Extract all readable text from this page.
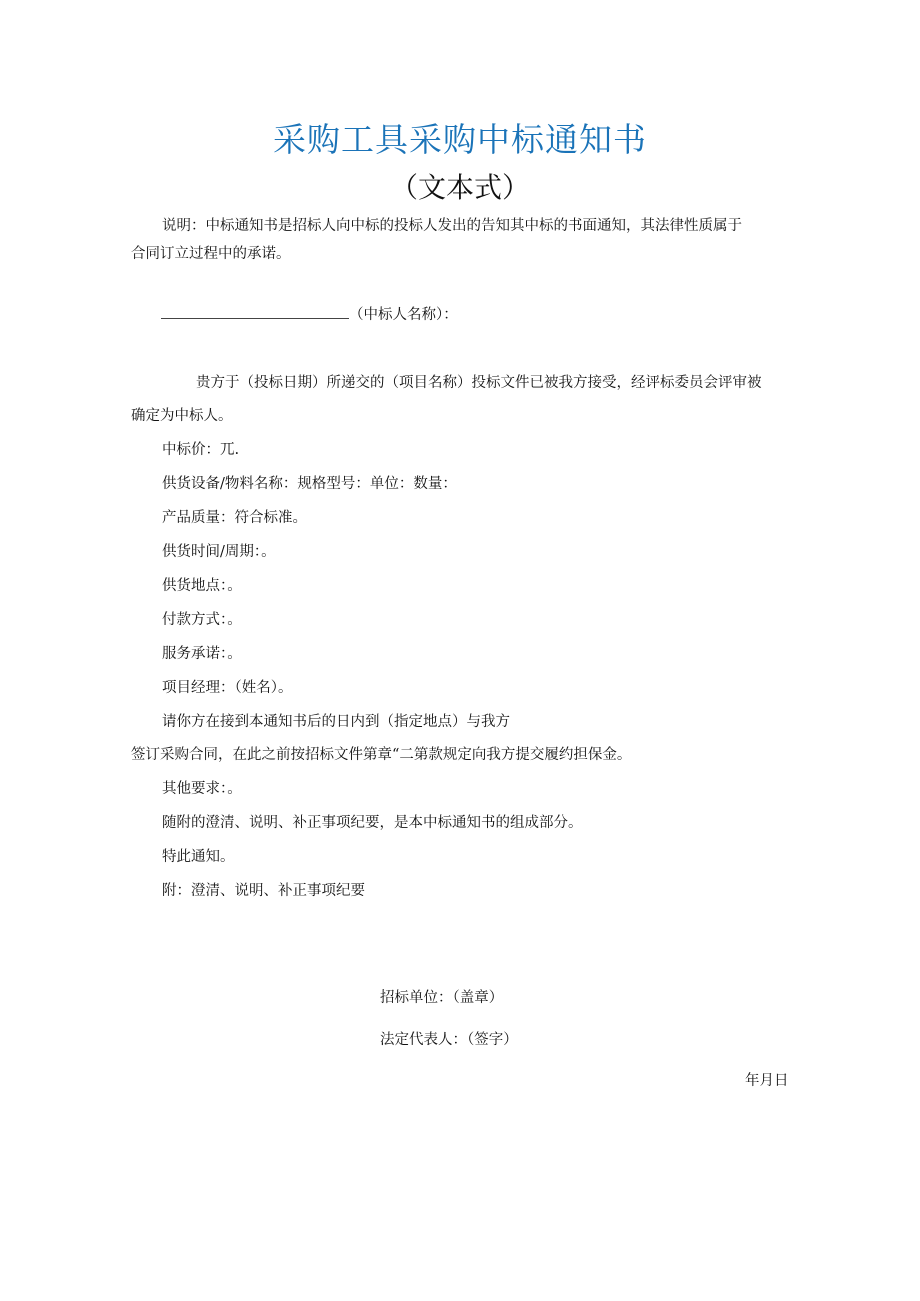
采购工具采购中标通知书
（文本式）
说明：中标通知书是招标人向中标的投标人发出的告知其中标的书面通知，其法律性质属于
合同订立过程中的承诺。
（中标人名称）：
贵方于（投标日期）所递交的（项目名称）投标文件已被我方接受，经评标委员会评审被
确定为中标人。
中标价：兀.
供货设备/物料名称：规格型号：单位：数量：
产品质量：符合标准。
供货时间/周期：。
供货地点：。
付款方式：。
服务承诺：。
项目经理：（姓名）。
请你方在接到本通知书后的日内到（指定地点）与我方
签订采购合同，在此之前按招标文件第章“二第款规定向我方提交履约担保金。
其他要求：。
随附的澄清、说明、补正事项纪要，是本中标通知书的组成部分。
特此通知。
附：澄清、说明、补正事项纪要
招标单位：（盖章）
法定代表人：（签字）
年月日
